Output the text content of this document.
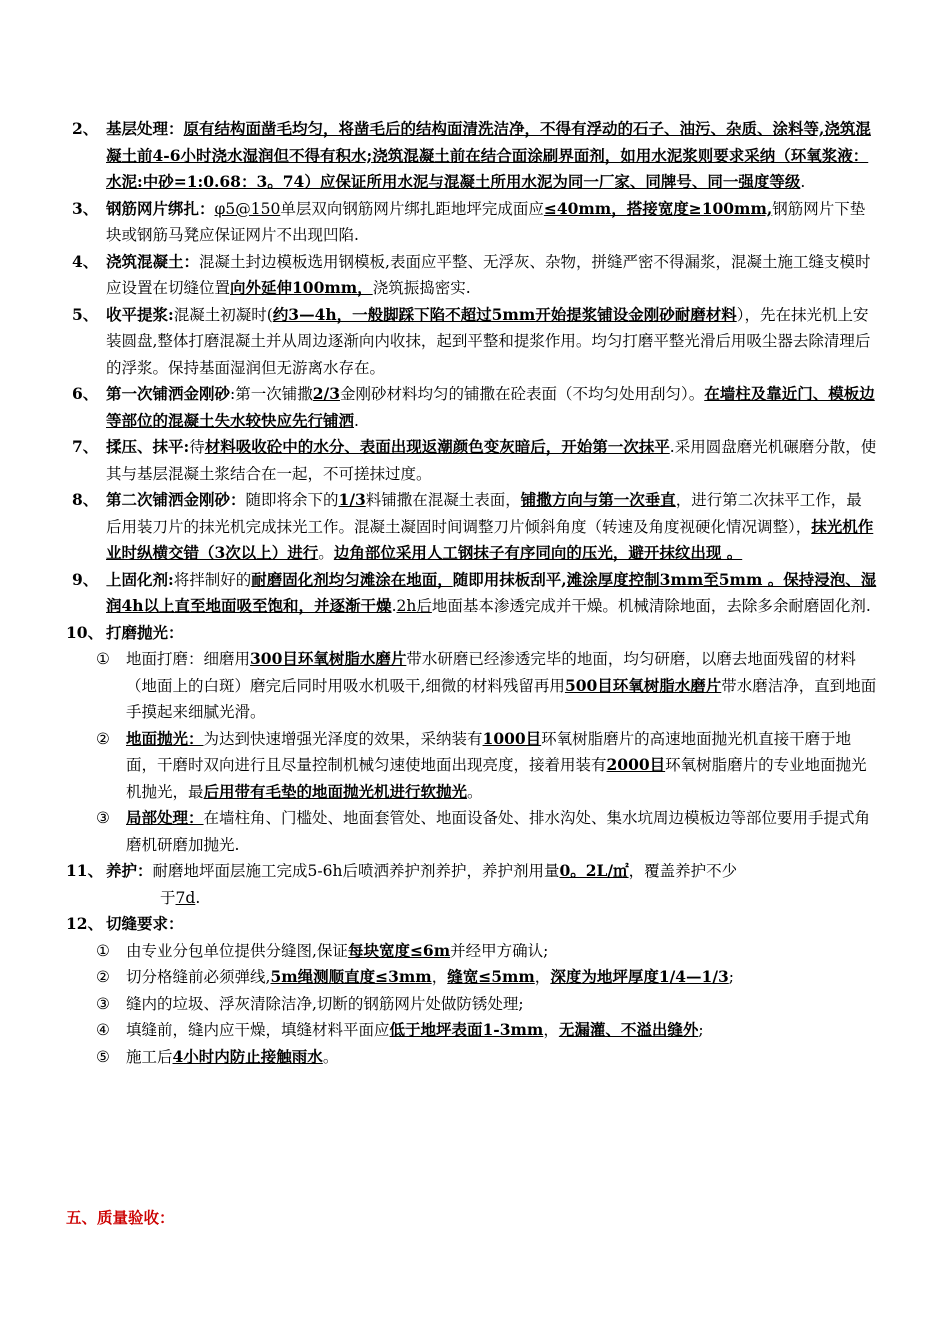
2、 基层处理：原有结构面凿毛均匀，将凿毛后的结构面清洗洁净，不得有浮动的石子、油污、杂质、涂料等,浇筑混凝土前4-6小时浇水湿润但不得有积水;浇筑混凝土前在结合面涂刷界面剂，如用水泥浆则要求采纳（环氧浆液：水泥:中砂=1:0.68：3。74）应保证所用水泥与混凝土所用水泥为同一厂家、同牌号、同一强度等级.
3、 钢筋网片绑扎：φ5@150单层双向钢筋网片绑扎距地坪完成面应≤40mm，搭接宽度≥100mm,钢筋网片下垫块或钢筋马凳应保证网片不出现凹陷.
4、 浇筑混凝土：混凝土封边模板选用钢模板,表面应平整、无浮灰、杂物，拼缝严密不得漏浆，混凝土施工缝支模时应设置在切缝位置向外延伸100mm，浇筑振捣密实.
5、 收平提浆:混凝土初凝时(约3—4h，一般脚踩下陷不超过5mm开始提浆铺设金刚砂耐磨材料），先在抹光机上安装圆盘,整体打磨混凝土并从周边逐渐向内收抹，起到平整和提浆作用。均匀打磨平整光滑后用吸尘器去除清理后的浮浆。保持基面湿润但无游离水存在。
6、 第一次铺洒金刚砂:第一次铺撒2/3金刚砂材料均匀的铺撒在砼表面（不均匀处用刮匀）。在墙柱及靠近门、模板边等部位的混凝土失水较快应先行铺洒.
7、 揉压、抹平:待材料吸收砼中的水分、表面出现返潮颜色变灰暗后，开始第一次抹平.采用圆盘磨光机碾磨分散，使其与基层混凝土浆结合在一起，不可搓抹过度。
8、 第二次铺洒金刚砂：随即将余下的1/3料铺撒在混凝土表面，铺撒方向与第一次垂直，进行第二次抹平工作，最后用装刀片的抹光机完成抹光工作。混凝土凝固时间调整刀片倾斜角度（转速及角度视硬化情况调整），抹光机作业时纵横交错（3次以上）进行。边角部位采用人工钢抹子有序同向的压光，避开抹纹出现 。
9、 上固化剂:将拌制好的耐磨固化剂均匀滩涂在地面，随即用抹板刮平,滩涂厚度控制3mm至5mm 。保持浸泡、湿润4h以上直至地面吸至饱和，并逐渐干燥.2h后地面基本渗透完成并干燥。机械清除地面，去除多余耐磨固化剂.
10、 打磨抛光：
① 地面打磨：细磨用300目环氧树脂水磨片带水研磨已经渗透完毕的地面，均匀研磨，以磨去地面残留的材料（地面上的白斑）磨完后同时用吸水机吸干,细微的材料残留再用500目环氧树脂水磨片带水磨洁净，直到地面手摸起来细腻光滑。
② 地面抛光：为达到快速增强光泽度的效果，采纳装有1000目环氧树脂磨片的高速地面抛光机直接干磨于地面，干磨时双向进行且尽量控制机械匀速使地面出现亮度，接着用装有2000目环氧树脂磨片的专业地面抛光机抛光，最后用带有毛垫的地面抛光机进行软抛光。
③ 局部处理：在墙柱角、门槛处、地面套管处、地面设备处、排水沟处、集水坑周边模板边等部位要用手提式角磨机研磨加抛光.
11、 养护：耐磨地坪面层施工完成5-6h后喷洒养护剂养护，养护剂用量0。2L/㎡，覆盖养护不少
于7d.
12、 切缝要求：
① 由专业分包单位提供分缝图,保证每块宽度≤6m并经甲方确认;
② 切分格缝前必须弹线,5m绳测顺直度≤3mm，缝宽≤5mm，深度为地坪厚度1/4—1/3;
③ 缝内的垃圾、浮灰清除洁净,切断的钢筋网片处做防锈处理;
④ 填缝前，缝内应干燥，填缝材料平面应低于地坪表面1-3mm，无漏灌、不溢出缝外;
⑤ 施工后4小时内防止接触雨水。
五、质量验收：
